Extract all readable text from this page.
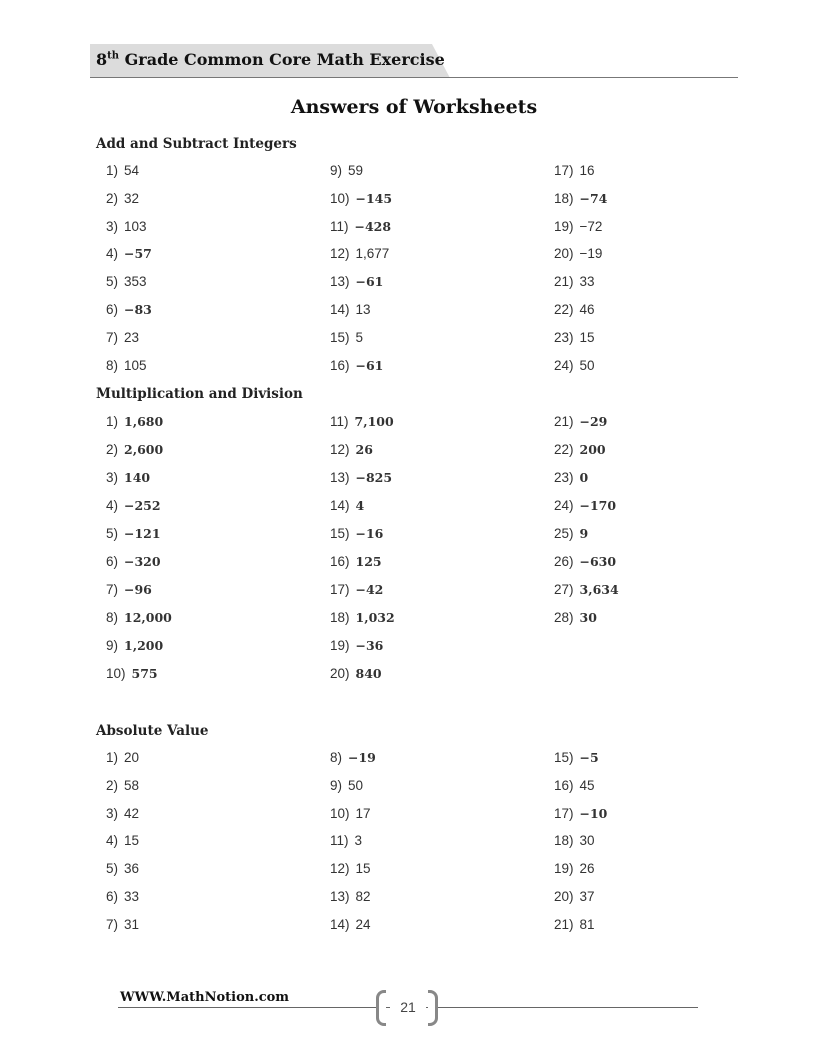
8th Grade Common Core Math Exercise
Answers of Worksheets
Add and Subtract Integers
1) 54
2) 32
3) 103
4) −57
5) 353
6) −83
7) 23
8) 105
9) 59
10) −145
11) −428
12) 1,677
13) −61
14) 13
15) 5
16) −61
17) 16
18) −74
19) −72
20) −19
21) 33
22) 46
23) 15
24) 50
Multiplication and Division
1) 1,680
2) 2,600
3) 140
4) −252
5) −121
6) −320
7) −96
8) 12,000
9) 1,200
10) 575
11) 7,100
12) 26
13) −825
14) 4
15) −16
16) 125
17) −42
18) 1,032
19) −36
20) 840
21) −29
22) 200
23) 0
24) −170
25) 9
26) −630
27) 3,634
28) 30
Absolute Value
1) 20
2) 58
3) 42
4) 15
5) 36
6) 33
7) 31
8) −19
9) 50
10) 17
11) 3
12) 15
13) 82
14) 24
15) −5
16) 45
17) −10
18) 30
19) 26
20) 37
21) 81
WWW.MathNotion.com
21
